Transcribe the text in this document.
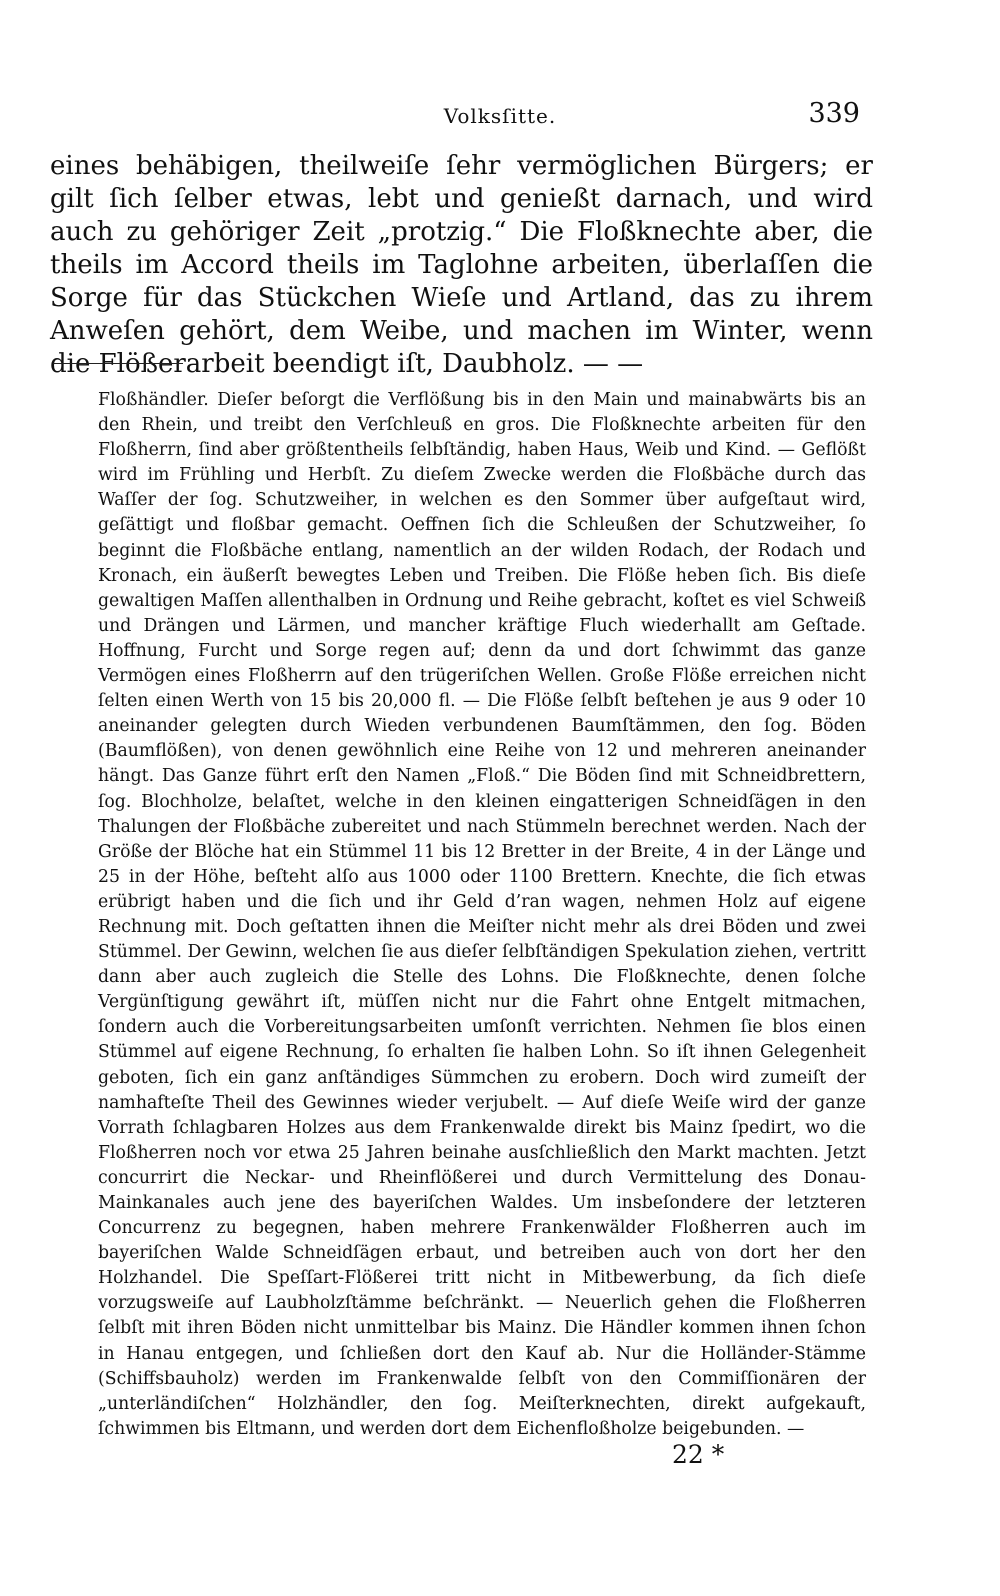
Volksſitte.	339

eines behäbigen, theilweiſe ſehr vermöglichen Bürgers; er gilt ſich ſelber etwas, lebt und genießt darnach, und wird auch zu gehöriger Zeit „protzig.“ Die Floßknechte aber, die theils im Accord theils im Taglohne arbeiten, überlaſſen die Sorge für das Stückchen Wieſe und Artland, das zu ihrem Anweſen gehört, dem Weibe, und machen im Winter, wenn die Flößerarbeit beendigt iſt, Daubholz. — —

Floßhändler. Dieſer beſorgt die Verflößung bis in den Main und mainabwärts bis an den Rhein, und treibt den Verſchleuß en gros. Die Floßknechte arbeiten für den Floßherrn, ſind aber größtentheils ſelbſtändig, haben Haus, Weib und Kind. — Geflößt wird im Frühling und Herbſt. Zu dieſem Zwecke werden die Floßbäche durch das Waſſer der ſog. Schutzweiher, in welchen es den Sommer über aufgeſtaut wird, geſättigt und floßbar gemacht. Oeffnen ſich die Schleußen der Schutzweiher, ſo beginnt die Floßbäche entlang, namentlich an der wilden Rodach, der Rodach und Kronach, ein äußerſt bewegtes Leben und Treiben. Die Flöße heben ſich. Bis dieſe gewaltigen Maſſen allenthalben in Ordnung und Reihe gebracht, koſtet es viel Schweiß und Drängen und Lärmen, und mancher kräftige Fluch wiederhallt am Geſtade. Hoffnung, Furcht und Sorge regen auf; denn da und dort ſchwimmt das ganze Vermögen eines Floßherrn auf den trügeriſchen Wellen. Große Flöße erreichen nicht ſelten einen Werth von 15 bis 20,000 fl. — Die Flöße ſelbſt beſtehen je aus 9 oder 10 aneinander gelegten durch Wieden verbundenen Baumſtämmen, den ſog. Böden (Baumflößen), von denen gewöhnlich eine Reihe von 12 und mehreren aneinander hängt. Das Ganze führt erſt den Namen „Floß.“ Die Böden ſind mit Schneidbrettern, ſog. Blochholze, belaſtet, welche in den kleinen eingatterigen Schneidſägen in den Thalungen der Floßbäche zubereitet und nach Stümmeln berechnet werden. Nach der Größe der Blöche hat ein Stümmel 11 bis 12 Bretter in der Breite, 4 in der Länge und 25 in der Höhe, beſteht alſo aus 1000 oder 1100 Brettern. Knechte, die ſich etwas erübrigt haben und die ſich und ihr Geld d’ran wagen, nehmen Holz auf eigene Rechnung mit. Doch geſtatten ihnen die Meiſter nicht mehr als drei Böden und zwei Stümmel. Der Gewinn, welchen ſie aus dieſer ſelbſtändigen Spekulation ziehen, vertritt dann aber auch zugleich die Stelle des Lohns. Die Floßknechte, denen ſolche Vergünſtigung gewährt iſt, müſſen nicht nur die Fahrt ohne Entgelt mitmachen, ſondern auch die Vorbereitungsarbeiten umſonſt verrichten. Nehmen ſie blos einen Stümmel auf eigene Rechnung, ſo erhalten ſie halben Lohn. So iſt ihnen Gelegenheit geboten, ſich ein ganz anſtändiges Sümmchen zu erobern. Doch wird zumeiſt der namhafteſte Theil des Gewinnes wieder verjubelt. — Auf dieſe Weiſe wird der ganze Vorrath ſchlagbaren Holzes aus dem Frankenwalde direkt bis Mainz ſpedirt, wo die Floßherren noch vor etwa 25 Jahren beinahe ausſchließlich den Markt machten. Jetzt concurrirt die Neckar- und Rheinflößerei und durch Vermittelung des Donau-Mainkanales auch jene des bayeriſchen Waldes. Um insbeſondere der letzteren Concurrenz zu begegnen, haben mehrere Frankenwälder Floßherren auch im bayeriſchen Walde Schneidſägen erbaut, und betreiben auch von dort her den Holzhandel. Die Speſſart-Flößerei tritt nicht in Mitbewerbung, da ſich dieſe vorzugsweiſe auf Laubholzſtämme beſchränkt. — Neuerlich gehen die Floßherren ſelbſt mit ihren Böden nicht unmittelbar bis Mainz. Die Händler kommen ihnen ſchon in Hanau entgegen, und ſchließen dort den Kauf ab. Nur die Holländer-Stämme (Schiffsbauholz) werden im Frankenwalde ſelbſt von den Commiſſionären der „unterländiſchen“ Holzhändler, den ſog. Meiſterknechten, direkt aufgekauft, ſchwimmen bis Eltmann, und werden dort dem Eichenfloßholze beigebunden. —

22 *
